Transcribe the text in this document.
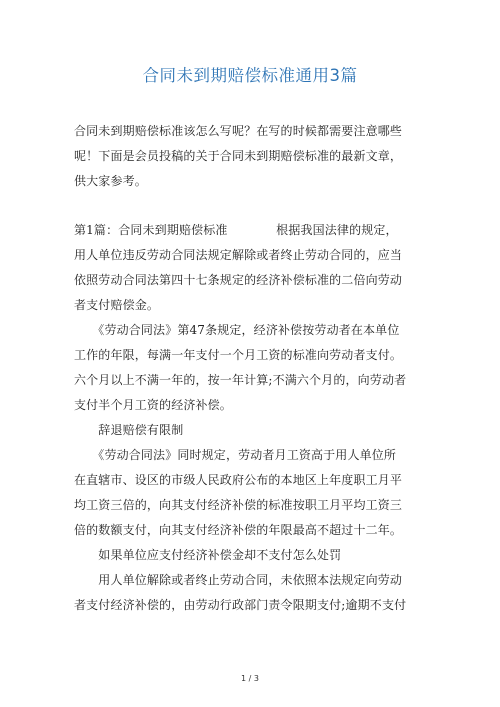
合同未到期赔偿标准通用3篇
合同未到期赔偿标准该怎么写呢？在写的时候都需要注意哪些
呢！下面是会员投稿的关于合同未到期赔偿标准的最新文章，
供大家参考。
第1篇：合同未到期赔偿标准　　　　根据我国法律的规定，
用人单位违反劳动合同法规定解除或者终止劳动合同的，应当
依照劳动合同法第四十七条规定的经济补偿标准的二倍向劳动
者支付赔偿金。
　　《劳动合同法》第47条规定，经济补偿按劳动者在本单位
工作的年限，每满一年支付一个月工资的标准向劳动者支付。
六个月以上不满一年的，按一年计算;不满六个月的，向劳动者
支付半个月工资的经济补偿。
　　辞退赔偿有限制
　　《劳动合同法》同时规定，劳动者月工资高于用人单位所
在直辖市、设区的市级人民政府公布的本地区上年度职工月平
均工资三倍的，向其支付经济补偿的标准按职工月平均工资三
倍的数额支付，向其支付经济补偿的年限最高不超过十二年。
　　如果单位应支付经济补偿金却不支付怎么处罚
　　用人单位解除或者终止劳动合同，未依照本法规定向劳动
者支付经济补偿的，由劳动行政部门责令限期支付;逾期不支付
1 / 3
